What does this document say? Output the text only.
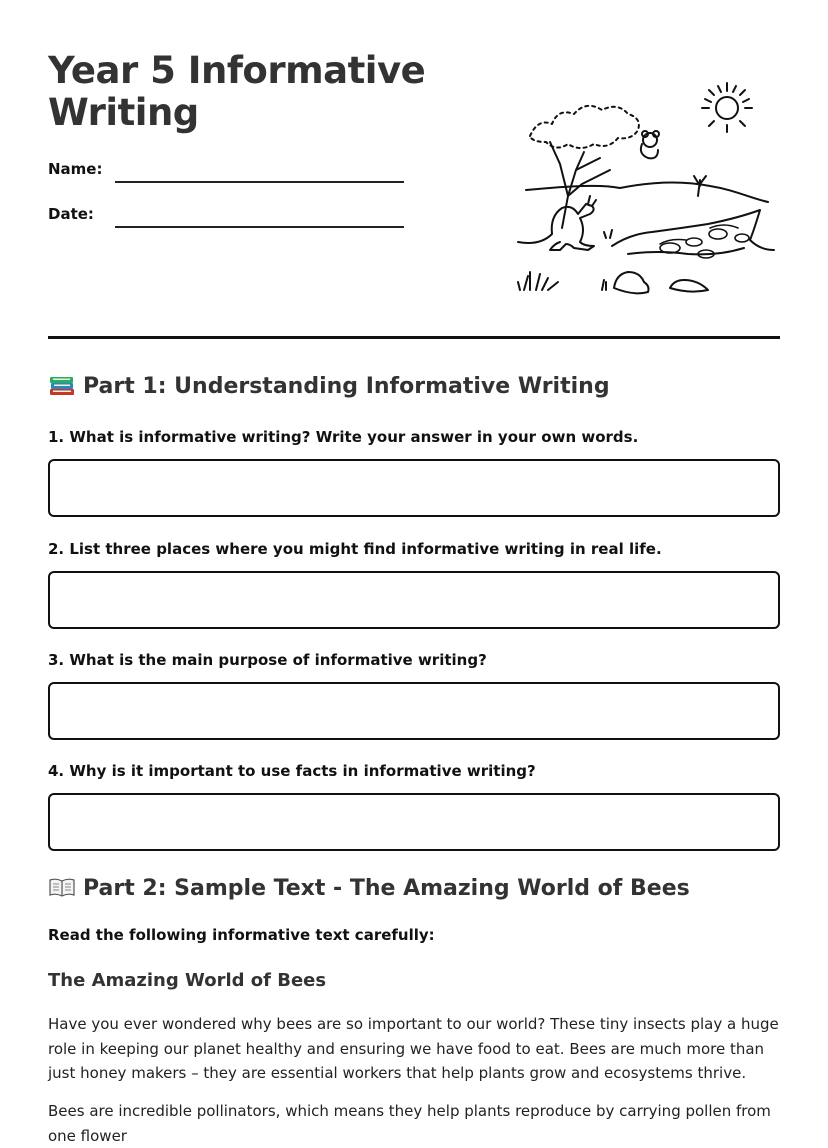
Year 5 Informative Writing
Name:
Date:
Part 1: Understanding Informative Writing
1. What is informative writing? Write your answer in your own words.
2. List three places where you might find informative writing in real life.
3. What is the main purpose of informative writing?
4. Why is it important to use facts in informative writing?
Part 2: Sample Text - The Amazing World of Bees
Read the following informative text carefully:
The Amazing World of Bees

Have you ever wondered why bees are so important to our world? These tiny insects play a huge role in keeping our planet healthy and ensuring we have food to eat. Bees are much more than just honey makers – they are essential workers that help plants grow and ecosystems thrive.

Bees are incredible pollinators, which means they help plants reproduce by carrying pollen from one flower
